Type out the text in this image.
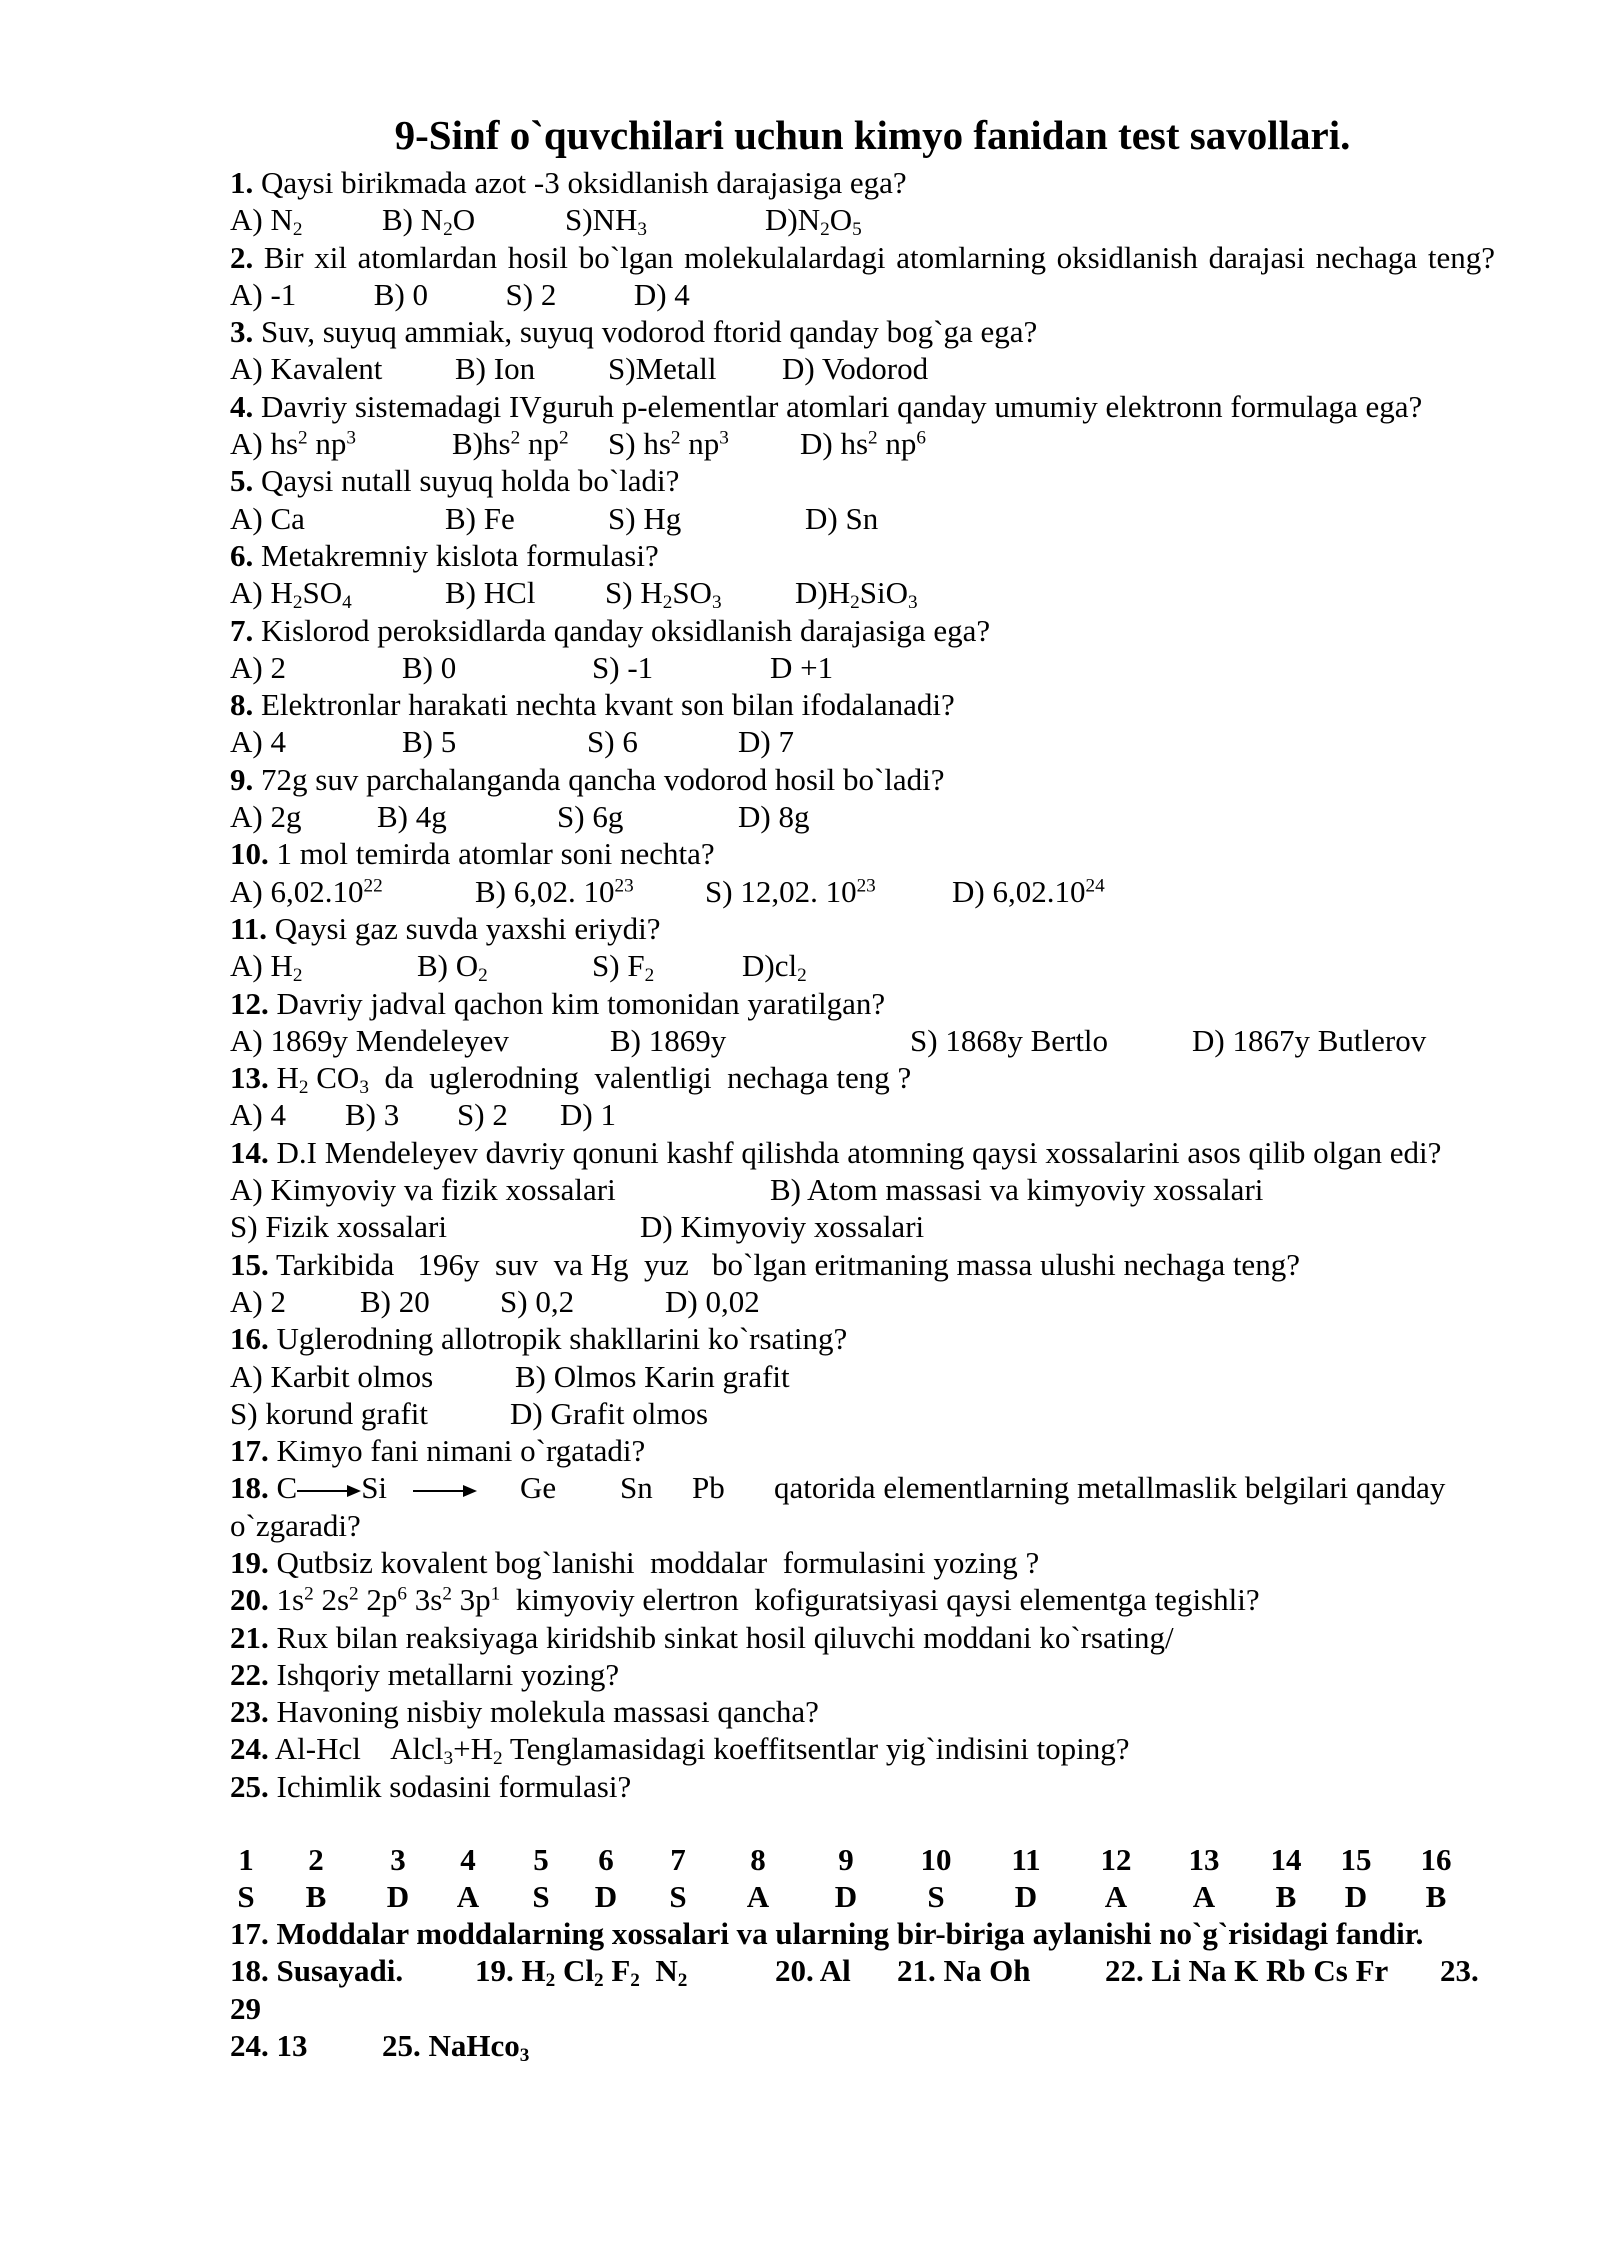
9-Sinf o`quvchilari uchun kimyo fanidan test savollari.
1. Qaysi birikmada azot -3 oksidlanish darajasiga ega?
A) $N_2$	B) $N_2O$	$S)NH_3$	$D)N_2O_5$
2. Bir xil atomlardan hosil bo`lgan molekulalardagi atomlarning oksidlanish darajasi nechaga teng? A) -1          B) 0          S) 2          D) 4
3. Suv, suyuq ammiak, suyuq vodorod ftorid qanday bog`ga ega?
A) Kavalent B) Ion S)Metall D) Vodorod
4. Davriy sistemadagi IVguruh p-elementlar atomlari qanday umumiy elektronn formulaga ega?
A) $hs^2$ $np^3$	$B)hs^2$ $np^2$ S) $hs^2$ $np^3$ D) $hs^2$ $np^6$
5. Qaysi nutall suyuq holda bo`ladi?
A) Ca	B) Fe	S) Hg	D) Sn
6. Metakremniy kislota formulasi?
A) $H_2SO_4$	B) HCl S) $H_2SO_3$ $D)H_2SiO_3$
7. Kislorod peroksidlarda qanday oksidlanish darajasiga ega?
A) 2	B) 0	S) -1	D +1
8. Elektronlar harakati nechta kvant son bilan ifodalanadi?
A) 4	B) 5	S) 6	D) 7
9. 72g suv parchalanganda qancha vodorod hosil bo`ladi?
A) 2g B) 4g	S) 6g	D) 8g
10. 1 mol temirda atomlar soni nechta?
A) 6,02.10$^{22}$	B) 6,02. $10^{23}$ S) 12,02. $10^{23}$ D) 6,02.10$^{24}$
11. Qaysi gaz suvda yaxshi eriydi?
A) $H_2$	B) $O_2$	S) $F_2$	$D)cl_2$
12. Davriy jadval qachon kim tomonidan yaratilgan?
A) 1869y Mendeleyev	B) 1869y	S) 1868y Bertlo	D) 1867y Butlerov
13. $H_2$ $CO_3$  da  uglerodning  valentligi  nechaga teng ?
A) 4 B) 3 S) 2 D) 1
14. D.I Mendeleyev davriy qonuni kashf qilishda atomning qaysi xossalarini asos qilib olgan edi?
A) Kimyoviy va fizik xossalari	B) Atom massasi va kimyoviy xossalari
S) Fizik xossalari	D) Kimyoviy xossalari
15. Tarkibida   196y  suv  va Hg  yuz   bo`lgan eritmaning massa ulushi nechaga teng?
A) 2 B) 20 S) 0,2	D) 0,02
16. Uglerodning allotropik shakllarini ko`rsating?
A) Karbit olmos	B) Olmos Karin grafit
S) korund grafit	D) Grafit olmos
17. Kimyo fani nimani o`rgatadi?
18. C Si	Ge Sn Pb qatorida elementlarning metallmaslik belgilari qanday
o`zgaradi?
19. Qutbsiz kovalent bog`lanishi  moddalar  formulasini yozing ?
20. $1s^2$ $2s^2$ $2p^6$ $3s^2$ $3p^1$  kimyoviy elertron  kofiguratsiyasi qaysi elementga tegishli?
21. Rux bilan reaksiyaga kiridshib sinkat hosil qiluvchi moddani ko`rsating/
22. Ishqoriy metallarni yozing?
23. Havoning nisbiy molekula massasi qancha?
24. Al-Hcl    $Alcl_3+H_2$ Tenglamasidagi koeffitsentlar yig`indisini toping?
25. Ichimlik sodasini formulasi?
1	2	3	4	5	6	7	8	9	10 11 12 13 14 15 16
S	B	D A	S	D	S	A D	S	D A A	B	D	B
17. Moddalar moddalarning xossalari va ularning bir-biriga aylanishi no`g`risidagi fandir.
18. Susayadi. 19. $H_2$ $Cl_2$ $F_2$  $N_2$	20. Al 21. Na Oh 22. Li Na K Rb Cs Fr 23.
29
24. 13 25. NaHco$_3$
